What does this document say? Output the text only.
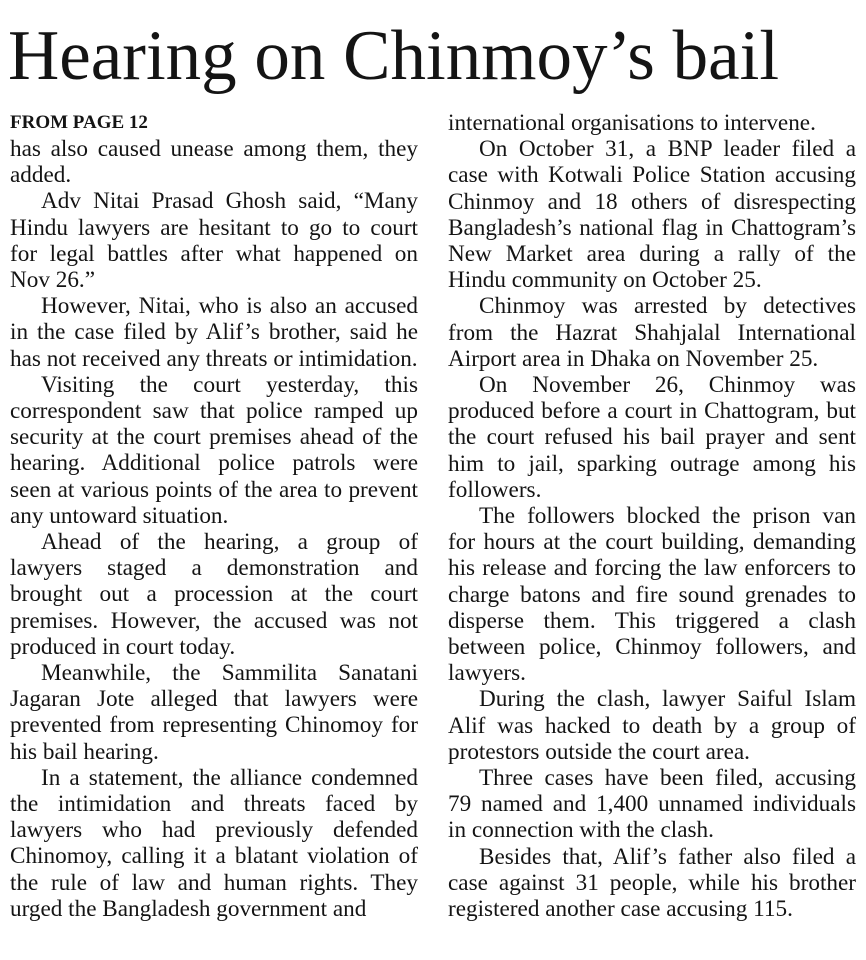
Hearing on Chinmoy’s bail
FROM PAGE 12

has also caused unease among them, they added.

Adv Nitai Prasad Ghosh said, “Many Hindu lawyers are hesitant to go to court for legal battles after what happened on Nov 26.”

However, Nitai, who is also an accused in the case filed by Alif’s brother, said he has not received any threats or intimidation.

Visiting the court yesterday, this correspondent saw that police ramped up security at the court premises ahead of the hearing. Additional police patrols were seen at various points of the area to prevent any untoward situation.

Ahead of the hearing, a group of lawyers staged a demonstration and brought out a procession at the court premises. However, the accused was not produced in court today.

Meanwhile, the Sammilita Sanatani Jagaran Jote alleged that lawyers were prevented from representing Chinomoy for his bail hearing.

In a statement, the alliance condemned the intimidation and threats faced by lawyers who had previously defended Chinomoy, calling it a blatant violation of the rule of law and human rights. They urged the Bangladesh government and

international organisations to intervene.

On October 31, a BNP leader filed a case with Kotwali Police Station accusing Chinmoy and 18 others of disrespecting Bangladesh’s national flag in Chattogram’s New Market area during a rally of the Hindu community on October 25.

Chinmoy was arrested by detectives from the Hazrat Shahjalal International Airport area in Dhaka on November 25.

On November 26, Chinmoy was produced before a court in Chattogram, but the court refused his bail prayer and sent him to jail, sparking outrage among his followers.

The followers blocked the prison van for hours at the court building, demanding his release and forcing the law enforcers to charge batons and fire sound grenades to disperse them. This triggered a clash between police, Chinmoy followers, and lawyers.

During the clash, lawyer Saiful Islam Alif was hacked to death by a group of protestors outside the court area.

Three cases have been filed, accusing 79 named and 1,400 unnamed individuals in connection with the clash.

Besides that, Alif’s father also filed a case against 31 people, while his brother registered another case accusing 115.
